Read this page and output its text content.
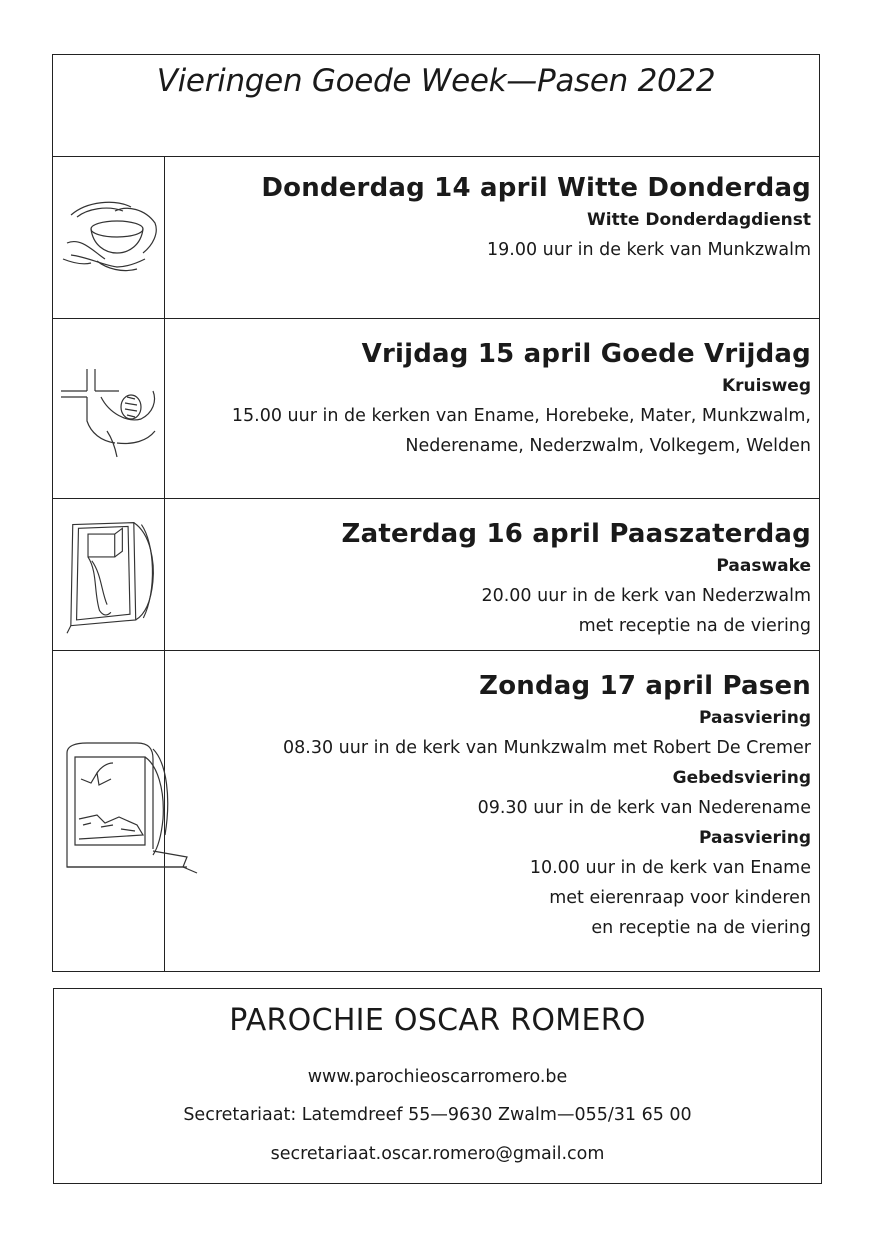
Vieringen Goede Week—Pasen 2022
Donderdag 14 april Witte Donderdag
Witte Donderdagdienst
19.00 uur in de kerk van Munkzwalm
Vrijdag 15 april Goede Vrijdag
Kruisweg
15.00 uur in de kerken van Ename, Horebeke, Mater, Munkzwalm,
Nederename, Nederzwalm, Volkegem, Welden
Zaterdag 16 april Paaszaterdag
Paaswake
20.00 uur in de kerk van Nederzwalm
met receptie na de viering
Zondag 17 april Pasen
Paasviering
08.30 uur in de kerk van Munkzwalm met Robert De Cremer
Gebedsviering
09.30 uur in de kerk van Nederename
Paasviering
10.00 uur in de kerk van Ename
met eierenraap voor kinderen
en receptie na de viering
PAROCHIE OSCAR ROMERO
www.parochieoscarromero.be
Secretariaat: Latemdreef 55—9630 Zwalm—055/31 65 00
secretariaat.oscar.romero@gmail.com
